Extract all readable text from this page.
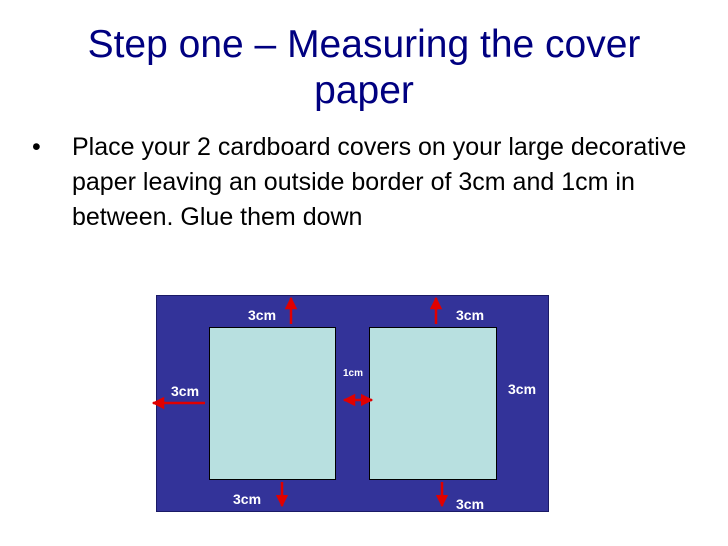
Step one – Measuring the cover paper
• Place your 2 cardboard covers on your large decorative paper leaving an outside border of 3cm and 1cm in between. Glue them down
3cm	3cm
3cm	3cm
1cm
3cm	3cm
